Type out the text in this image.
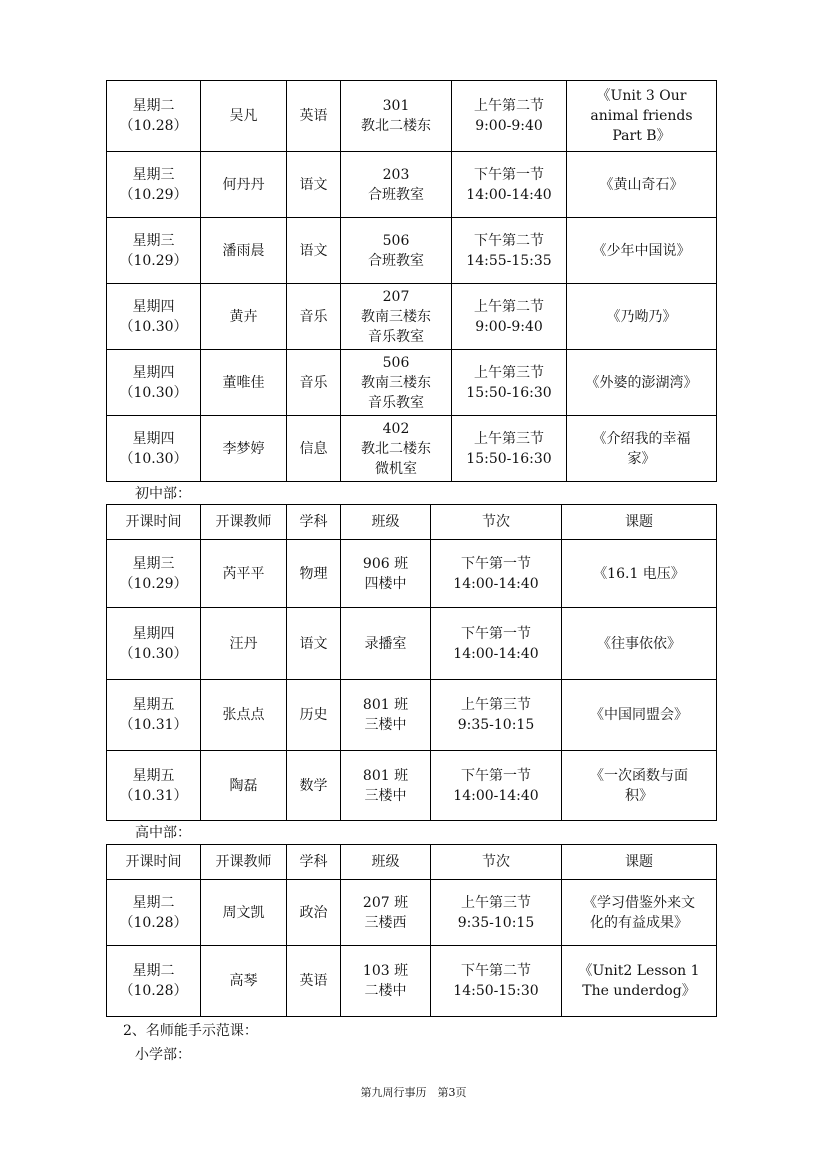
星期二
（10.28）	吴凡	英语	301
教北二楼东	上午第二节
9:00-9:40	《Unit 3 Our
animal friends
Part B》
星期三
（10.29）	何丹丹	语文	203
合班教室	下午第一节
14:00-14:40	《黄山奇石》
星期三
（10.29）	潘雨晨	语文	506
合班教室	下午第二节
14:55-15:35	《少年中国说》
星期四
（10.30）	黄卉	音乐	207
教南三楼东
音乐教室	上午第二节
9:00-9:40	《乃呦乃》
星期四
（10.30）	董唯佳	音乐	506
教南三楼东
音乐教室	上午第三节
15:50-16:30	《外婆的澎湖湾》
星期四
（10.30）	李梦婷	信息	402
教北二楼东
微机室	上午第三节
15:50-16:30	《介绍我的幸福
家》
初中部：
开课时间	开课教师	学科	班级	节次	课题
星期三
（10.29）	芮平平	物理	906 班
四楼中	下午第一节
14:00-14:40	《16.1 电压》
星期四
（10.30）	汪丹	语文	录播室	下午第一节
14:00-14:40	《往事依依》
星期五
（10.31）	张点点	历史	801 班
三楼中	上午第三节
9:35-10:15	《中国同盟会》
星期五
（10.31）	陶磊	数学	801 班
三楼中	下午第一节
14:00-14:40	《一次函数与面
积》
高中部：
开课时间	开课教师	学科	班级	节次	课题
星期二
（10.28）	周文凯	政治	207 班
三楼西	上午第三节
9:35-10:15	《学习借鉴外来文
化的有益成果》
星期二
（10.28）	高琴	英语	103 班
二楼中	下午第二节
14:50-15:30	《Unit2 Lesson 1
The underdog》
2、名师能手示范课：
小学部：
第九周行事历　第3页
